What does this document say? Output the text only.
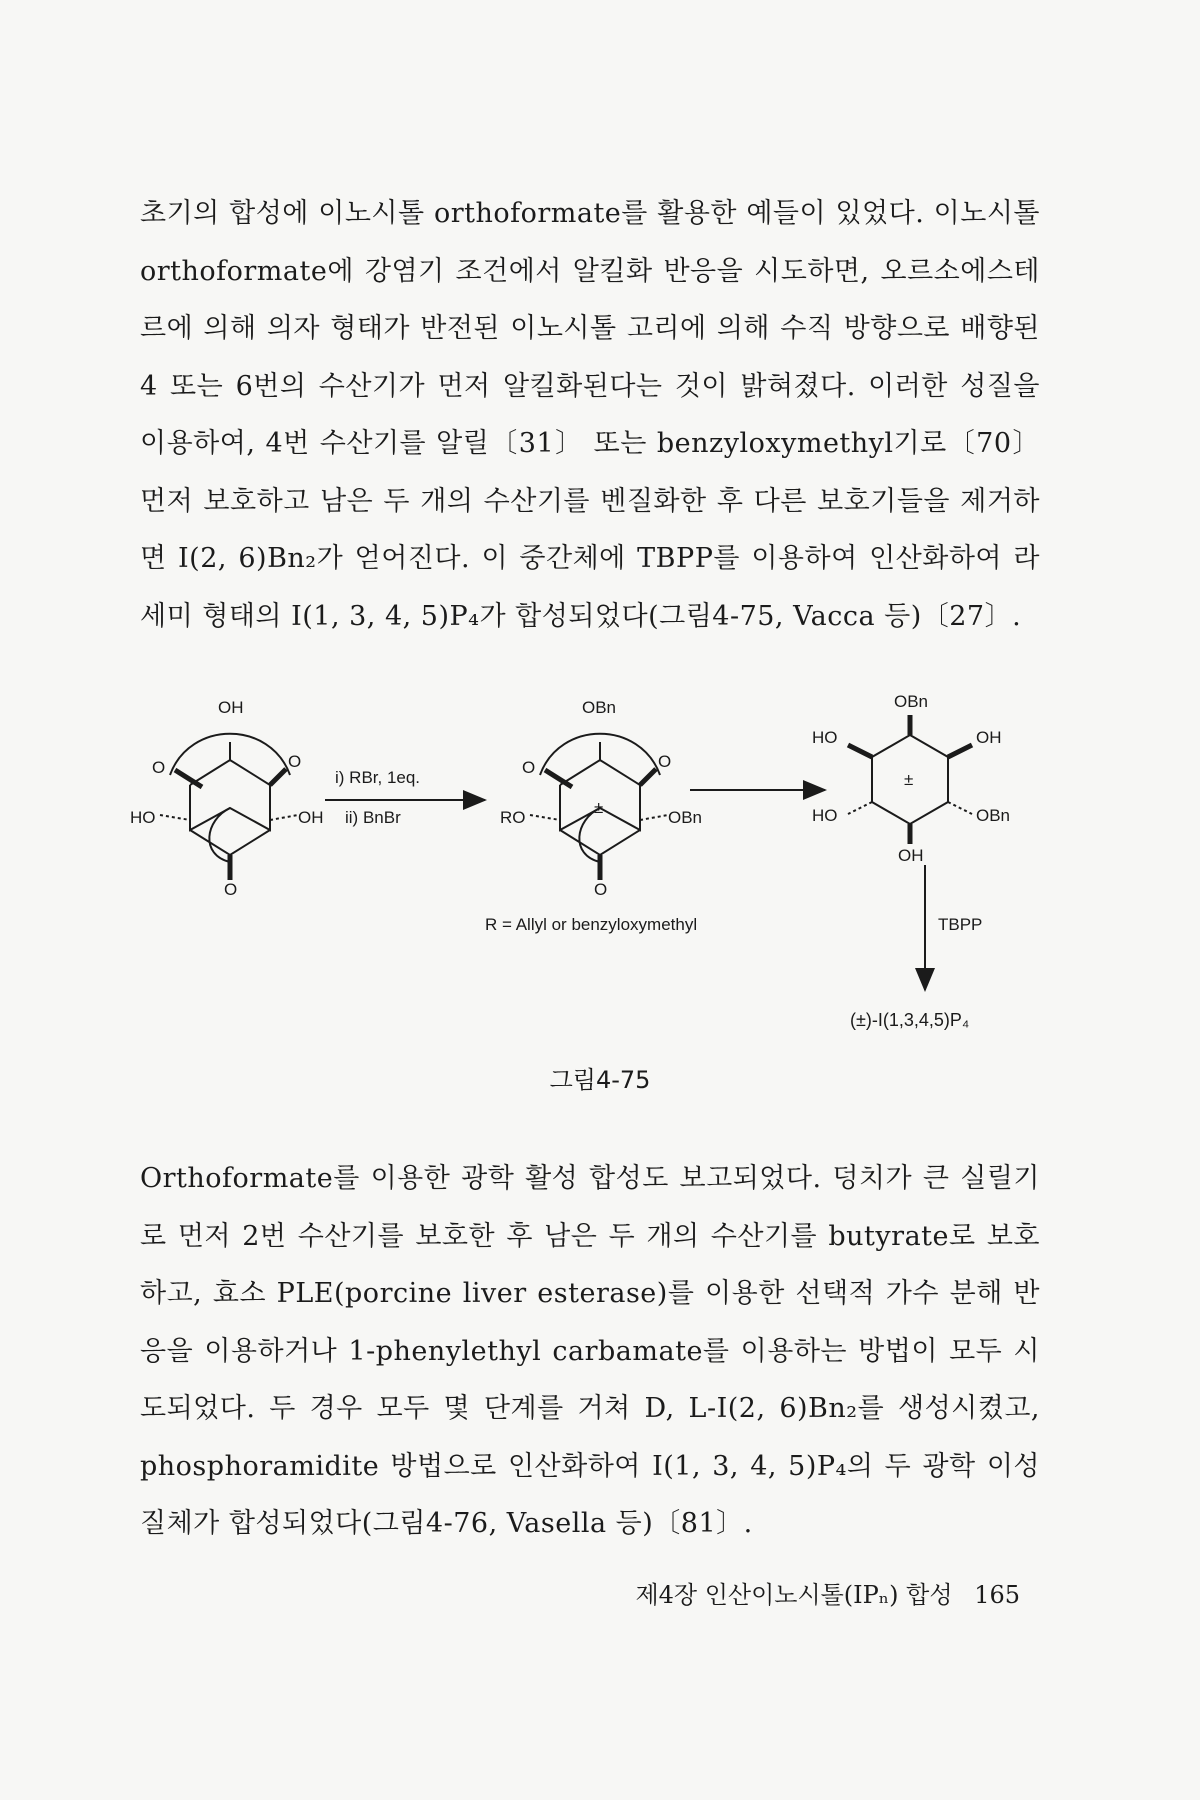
초기의 합성에 이노시톨 orthoformate를 활용한 예들이 있었다. 이노시톨 orthoformate에 강염기 조건에서 알킬화 반응을 시도하면, 오르소에스테르에 의해 의자 형태가 반전된 이노시톨 고리에 의해 수직 방향으로 배향된 4 또는 6번의 수산기가 먼저 알킬화된다는 것이 밝혀졌다. 이러한 성질을 이용하여, 4번 수산기를 알릴〔31〕 또는 benzyloxymethyl기로〔70〕 먼저 보호하고 남은 두 개의 수산기를 벤질화한 후 다른 보호기들을 제거하면 I(2, 6)Bn₂가 얻어진다. 이 중간체에 TBPP를 이용하여 인산화하여 라세미 형태의 I(1, 3, 4, 5)P₄가 합성되었다(그림4-75, Vacca 등)〔27〕.
OH
O	O
HO	OH
O
i) RBr, 1eq.
ii) BnBr
OBn
O	O
±
RO	OBn
O
R = Allyl or benzyloxymethyl
OBn
HO	OH
±
HO	OBn
OH
TBPP
(±)-I(1,3,4,5)P₄
그림4-75
Orthoformate를 이용한 광학 활성 합성도 보고되었다. 덩치가 큰 실릴기로 먼저 2번 수산기를 보호한 후 남은 두 개의 수산기를 butyrate로 보호하고, 효소 PLE(porcine liver esterase)를 이용한 선택적 가수 분해 반응을 이용하거나 1-phenylethyl carbamate를 이용하는 방법이 모두 시도되었다. 두 경우 모두 몇 단계를 거쳐 D, L-I(2, 6)Bn₂를 생성시켰고, phosphoramidite 방법으로 인산화하여 I(1, 3, 4, 5)P₄의 두 광학 이성질체가 합성되었다(그림4-76, Vasella 등)〔81〕.
제4장 인산이노시톨(IPₙ) 합성 165
